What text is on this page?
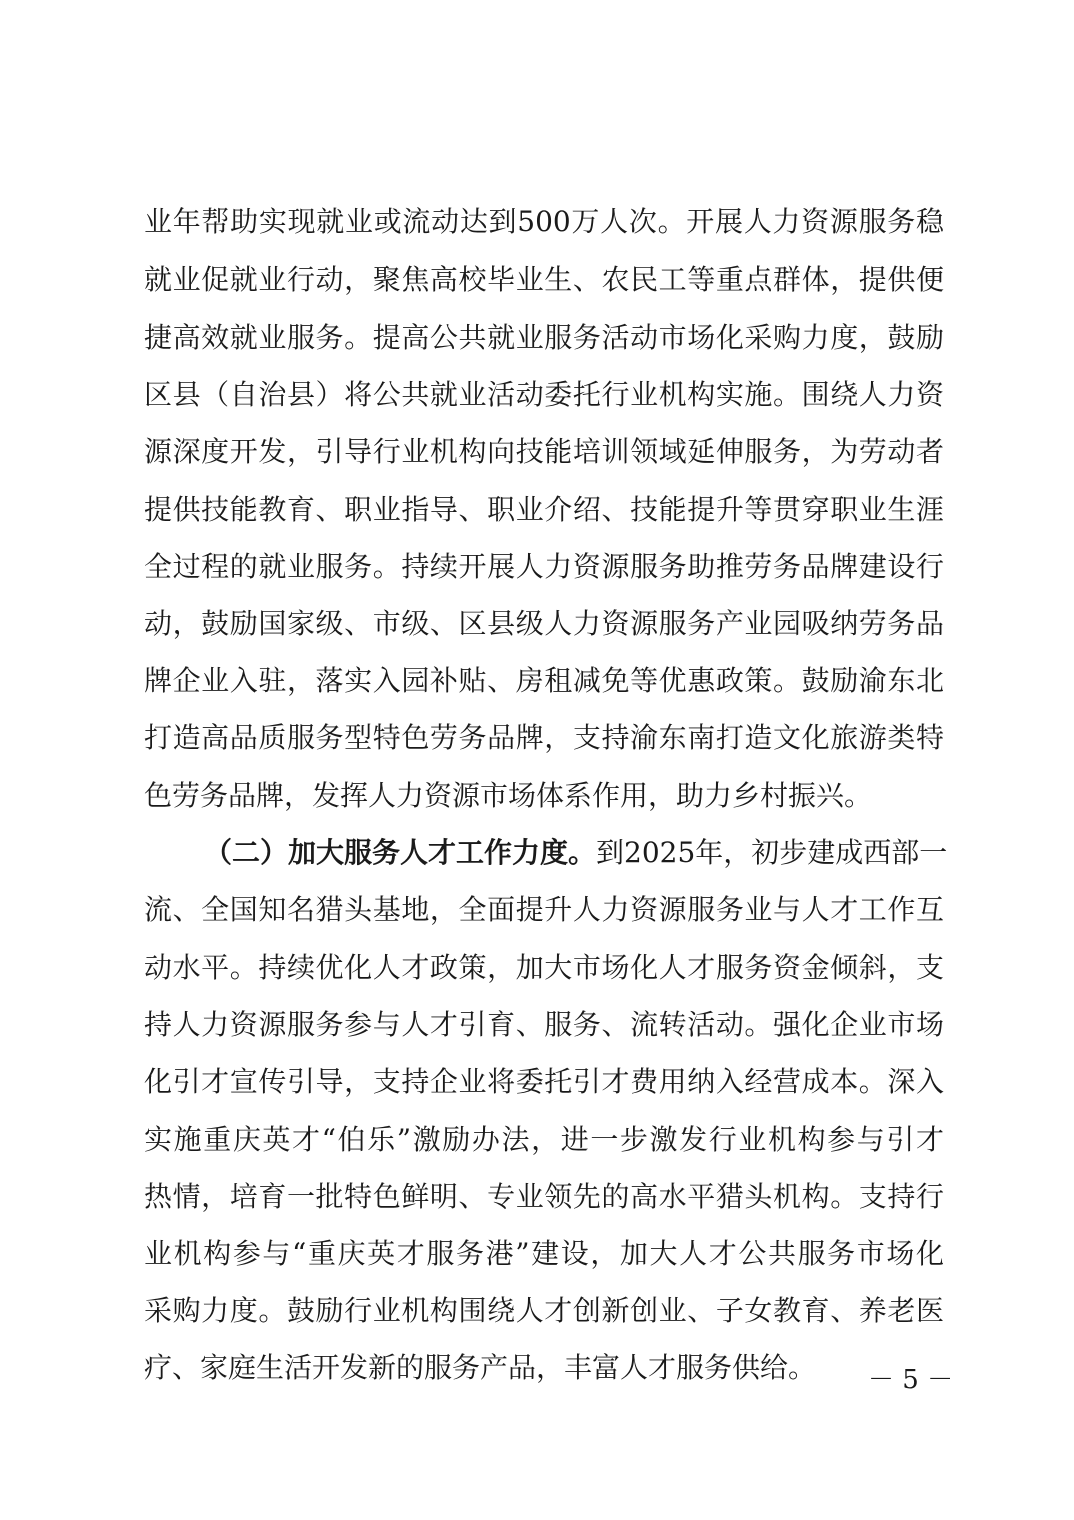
业年帮助实现就业或流动达到500万人次。开展人力资源服务稳
就业促就业行动，聚焦高校毕业生、农民工等重点群体，提供便
捷高效就业服务。提高公共就业服务活动市场化采购力度，鼓励
区县（自治县）将公共就业活动委托行业机构实施。围绕人力资
源深度开发，引导行业机构向技能培训领域延伸服务，为劳动者
提供技能教育、职业指导、职业介绍、技能提升等贯穿职业生涯
全过程的就业服务。持续开展人力资源服务助推劳务品牌建设行
动，鼓励国家级、市级、区县级人力资源服务产业园吸纳劳务品
牌企业入驻，落实入园补贴、房租减免等优惠政策。鼓励渝东北
打造高品质服务型特色劳务品牌，支持渝东南打造文化旅游类特
色劳务品牌，发挥人力资源市场体系作用，助力乡村振兴。
（二）加大服务人才工作力度。到2025年，初步建成西部一
流、全国知名猎头基地，全面提升人力资源服务业与人才工作互
动水平。持续优化人才政策，加大市场化人才服务资金倾斜，支
持人力资源服务参与人才引育、服务、流转活动。强化企业市场
化引才宣传引导，支持企业将委托引才费用纳入经营成本。深入
实施重庆英才“伯乐”激励办法，进一步激发行业机构参与引才
热情，培育一批特色鲜明、专业领先的高水平猎头机构。支持行
业机构参与“重庆英才服务港”建设，加大人才公共服务市场化
采购力度。鼓励行业机构围绕人才创新创业、子女教育、养老医
疗、家庭生活开发新的服务产品，丰富人才服务供给。	－ 5 －
